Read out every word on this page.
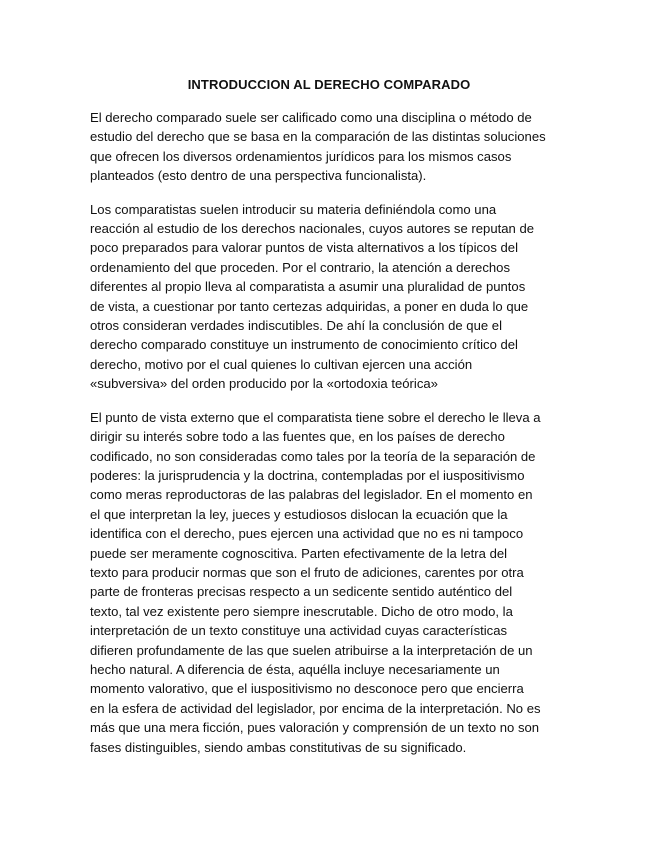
INTRODUCCION AL DERECHO COMPARADO
El derecho comparado suele ser calificado como una disciplina o método de
estudio del derecho que se basa en la comparación de las distintas soluciones
que ofrecen los diversos ordenamientos jurídicos para los mismos casos
planteados (esto dentro de una perspectiva funcionalista).
Los comparatistas suelen introducir su materia definiéndola como una
reacción al estudio de los derechos nacionales, cuyos autores se reputan de
poco preparados para valorar puntos de vista alternativos a los típicos del
ordenamiento del que proceden. Por el contrario, la atención a derechos
diferentes al propio lleva al comparatista a asumir una pluralidad de puntos
de vista, a cuestionar por tanto certezas adquiridas, a poner en duda lo que
otros consideran verdades indiscutibles. De ahí la conclusión de que el
derecho comparado constituye un instrumento de conocimiento crítico del
derecho, motivo por el cual quienes lo cultivan ejercen una acción
«subversiva» del orden producido por la «ortodoxia teórica»
El punto de vista externo que el comparatista tiene sobre el derecho le lleva a
dirigir su interés sobre todo a las fuentes que, en los países de derecho
codificado, no son consideradas como tales por la teoría de la separación de
poderes: la jurisprudencia y la doctrina, contempladas por el iuspositivismo
como meras reproductoras de las palabras del legislador. En el momento en
el que interpretan la ley, jueces y estudiosos dislocan la ecuación que la
identifica con el derecho, pues ejercen una actividad que no es ni tampoco
puede ser meramente cognoscitiva. Parten efectivamente de la letra del
texto para producir normas que son el fruto de adiciones, carentes por otra
parte de fronteras precisas respecto a un sedicente sentido auténtico del
texto, tal vez existente pero siempre inescrutable. Dicho de otro modo, la
interpretación de un texto constituye una actividad cuyas características
difieren profundamente de las que suelen atribuirse a la interpretación de un
hecho natural. A diferencia de ésta, aquélla incluye necesariamente un
momento valorativo, que el iuspositivismo no desconoce pero que encierra
en la esfera de actividad del legislador, por encima de la interpretación. No es
más que una mera ficción, pues valoración y comprensión de un texto no son
fases distinguibles, siendo ambas constitutivas de su significado.
